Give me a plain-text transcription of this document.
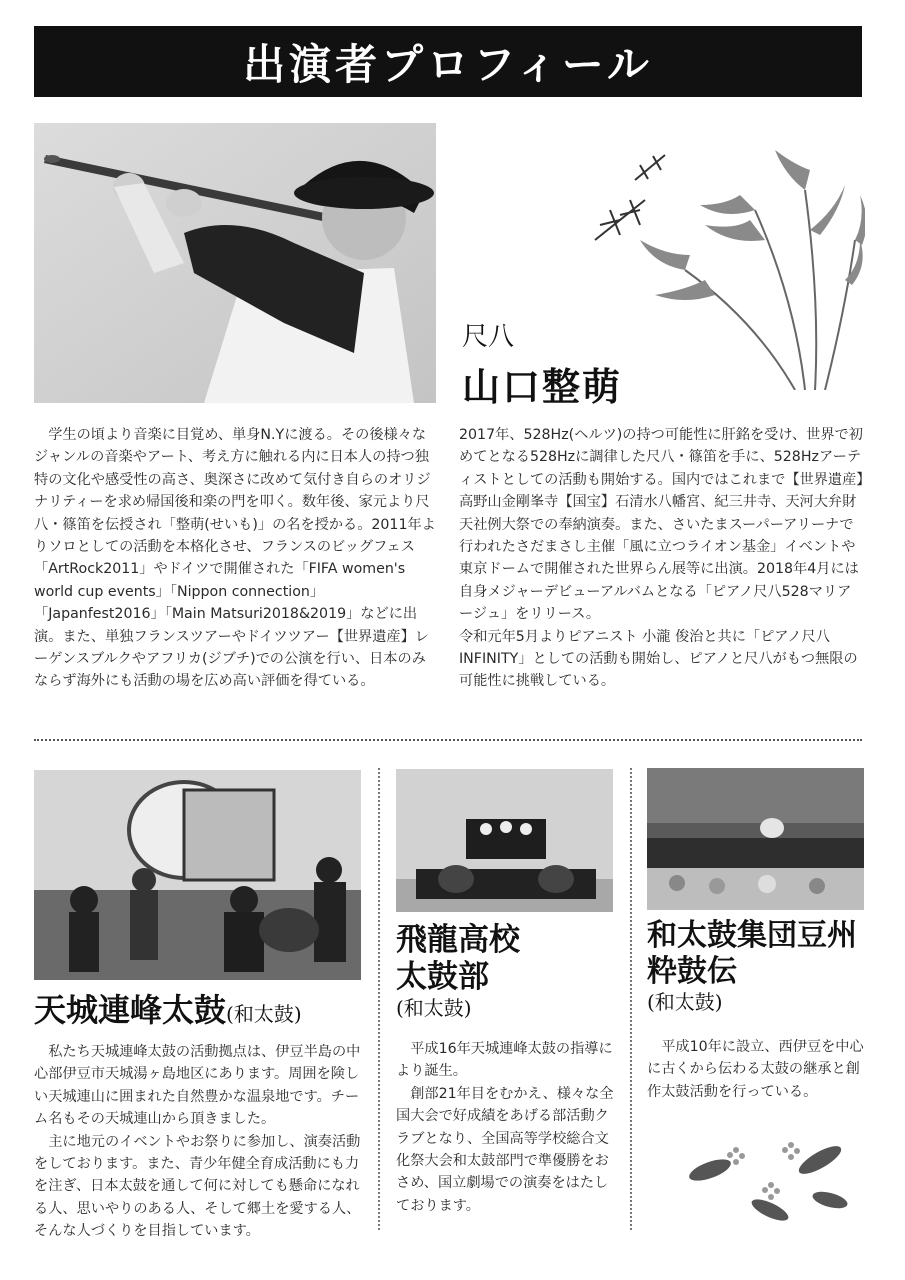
出演者プロフィール
尺八
山口整萌

学生の頃より音楽に目覚め、単身N.Yに渡る。その後様々なジャンルの音楽やアート、考え方に触れる内に日本人の持つ独特の文化や感受性の高さ、奥深さに改めて気付き自らのオリジナリティーを求め帰国後和楽の門を叩く。数年後、家元より尺八・篠笛を伝授され「整萌(せいも)」の名を授かる。2011年よりソロとしての活動を本格化させ、フランスのビッグフェス「ArtRock2011」やドイツで開催された「FIFA women's world cup events」「Nippon connection」「Japanfest2016」「Main Matsuri2018&2019」などに出演。また、単独フランスツアーやドイツツアー【世界遺産】レーゲンスブルクやアフリカ(ジブチ)での公演を行い、日本のみならず海外にも活動の場を広め高い評価を得ている。

2017年、528Hz(ヘルツ)の持つ可能性に肝銘を受け、世界で初めてとなる528Hzに調律した尺八・篠笛を手に、528Hzアーティストとしての活動も開始する。国内ではこれまで【世界遺産】高野山金剛峯寺【国宝】石清水八幡宮、紀三井寺、天河大弁財天社例大祭での奉納演奏。また、さいたまスーパーアリーナで行われたさだまさし主催「風に立つライオン基金」イベントや東京ドームで開催された世界らん展等に出演。2018年4月には自身メジャーデビューアルバムとなる「ピアノ尺八528マリアージュ」をリリース。

令和元年5月よりピアニスト 小瀧 俊治と共に「ピアノ尺八INFINITY」としての活動も開始し、ピアノと尺八がもつ無限の可能性に挑戦している。

天城連峰太鼓(和太鼓)

私たち天城連峰太鼓の活動拠点は、伊豆半島の中心部伊豆市天城湯ヶ島地区にあります。周囲を険しい天城連山に囲まれた自然豊かな温泉地です。チーム名もその天城連山から頂きました。

主に地元のイベントやお祭りに参加し、演奏活動をしております。また、青少年健全育成活動にも力を注ぎ、日本太鼓を通して何に対しても懸命になれる人、思いやりのある人、そして郷土を愛する人、そんな人づくりを目指しています。

飛龍高校
太鼓部
(和太鼓)

平成16年天城連峰太鼓の指導により誕生。

創部21年目をむかえ、様々な全国大会で好成績をあげる部活動クラブとなり、全国高等学校総合文化祭大会和太鼓部門で準優勝をおさめ、国立劇場での演奏をはたしております。

和太鼓集団豆州
粋鼓伝
(和太鼓)

平成10年に設立、西伊豆を中心に古くから伝わる太鼓の継承と創作太鼓活動を行っている。
